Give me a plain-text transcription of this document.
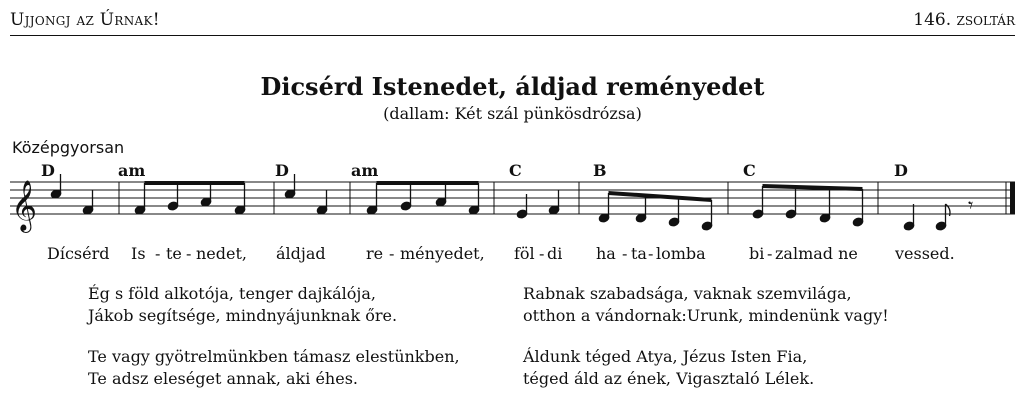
Ujjongj az Úrnak!	146. zsoltár
Dicsérd Istenedet, áldjad reményedet
(dallam: Két szál pünkösdrózsa)
Középgyorsan
𝄞
D	am	D	am	C	B	C	D
𝄾
Dícsérd Is - te - nedet, áldjad	re - ményedet, föl - di ha - ta - lomba	bi - zalmad ne vessed.
Ég s föld alkotója, tenger dajkálója,
Jákob segítsége, mindnyájunknak őre.
Rabnak szabadsága, vaknak szemvilága,
otthon a vándornak:Urunk, mindenünk vagy!
Te vagy gyötrelmünkben támasz elestünkben,
Te adsz eleséget annak, aki éhes.
Áldunk téged Atya, Jézus Isten Fia,
téged áld az ének, Vigasztaló Lélek.
